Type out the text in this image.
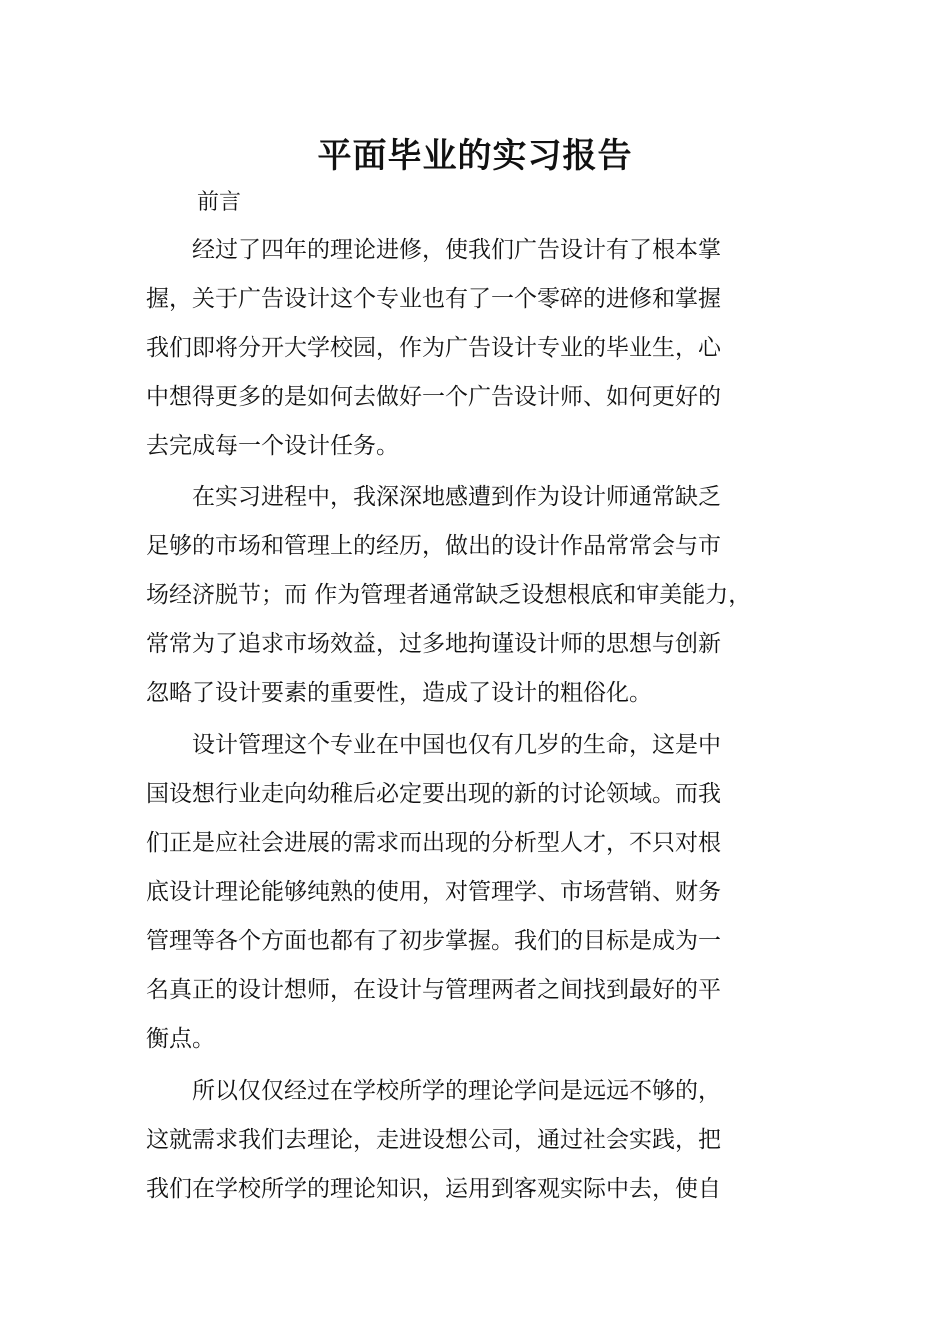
平面毕业的实习报告
前言
　　经过了四年的理论进修，使我们广告设计有了根本掌
握，关于广告设计这个专业也有了一个零碎的进修和掌握
我们即将分开大学校园，作为广告设计专业的毕业生，心
中想得更多的是如何去做好一个广告设计师、如何更好的
去完成每一个设计任务。
　　在实习进程中，我深深地感遭到作为设计师通常缺乏
足够的市场和管理上的经历，做出的设计作品常常会与市
场经济脱节；而 作为管理者通常缺乏设想根底和审美能力，
常常为了追求市场效益，过多地拘谨设计师的思想与创新
忽略了设计要素的重要性，造成了设计的粗俗化。
　　设计管理这个专业在中国也仅有几岁的生命，这是中
国设想行业走向幼稚后必定要出现的新的讨论领域。而我
们正是应社会进展的需求而出现的分析型人才，不只对根
底设计理论能够纯熟的使用，对管理学、市场营销、财务
管理等各个方面也都有了初步掌握。我们的目标是成为一
名真正的设计想师，在设计与管理两者之间找到最好的平
衡点。
　　所以仅仅经过在学校所学的理论学问是远远不够的，
这就需求我们去理论，走进设想公司，通过社会实践，把
我们在学校所学的理论知识，运用到客观实际中去，使自
